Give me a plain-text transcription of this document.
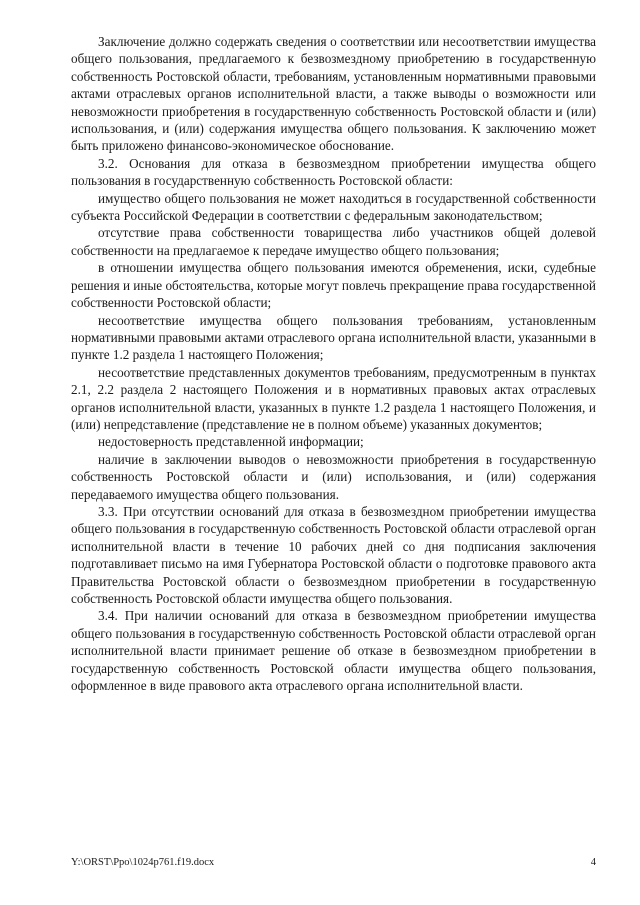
Заключение должно содержать сведения о соответствии или несоответствии имущества общего пользования, предлагаемого к безвозмездному приобретению в государственную собственность Ростовской области, требованиям, установленным нормативными правовыми актами отраслевых органов исполнительной власти, а также выводы о возможности или невозможности приобретения в государственную собственность Ростовской области и (или) использования, и (или) содержания имущества общего пользования. К заключению может быть приложено финансово-экономическое обоснование.

3.2. Основания для отказа в безвозмездном приобретении имущества общего пользования в государственную собственность Ростовской области:

имущество общего пользования не может находиться в государственной собственности субъекта Российской Федерации в соответствии с федеральным законодательством;

отсутствие права собственности товарищества либо участников общей долевой собственности на предлагаемое к передаче имущество общего пользования;

в отношении имущества общего пользования имеются обременения, иски, судебные решения и иные обстоятельства, которые могут повлечь прекращение права государственной собственности Ростовской области;

несоответствие имущества общего пользования требованиям, установленным нормативными правовыми актами отраслевого органа исполнительной власти, указанными в пункте 1.2 раздела 1 настоящего Положения;

несоответствие представленных документов требованиям, предусмотренным в пунктах 2.1, 2.2 раздела 2 настоящего Положения и в нормативных правовых актах отраслевых органов исполнительной власти, указанных в пункте 1.2 раздела 1 настоящего Положения, и (или) непредставление (представление не в полном объеме) указанных документов;

недостоверность представленной информации;

наличие в заключении выводов о невозможности приобретения в государственную собственность Ростовской области и (или) использования, и (или) содержания передаваемого имущества общего пользования.

3.3. При отсутствии оснований для отказа в безвозмездном приобретении имущества общего пользования в государственную собственность Ростовской области отраслевой орган исполнительной власти в течение 10 рабочих дней со дня подписания заключения подготавливает письмо на имя Губернатора Ростовской области о подготовке правового акта Правительства Ростовской области о безвозмездном приобретении в государственную собственность Ростовской области имущества общего пользования.

3.4. При наличии оснований для отказа в безвозмездном приобретении имущества общего пользования в государственную собственность Ростовской области отраслевой орган исполнительной власти принимает решение об отказе в безвозмездном приобретении в государственную собственность Ростовской области имущества общего пользования, оформленное в виде правового акта отраслевого органа исполнительной власти.

Y:\ORST\Ppo\1024p761.f19.docx	4
